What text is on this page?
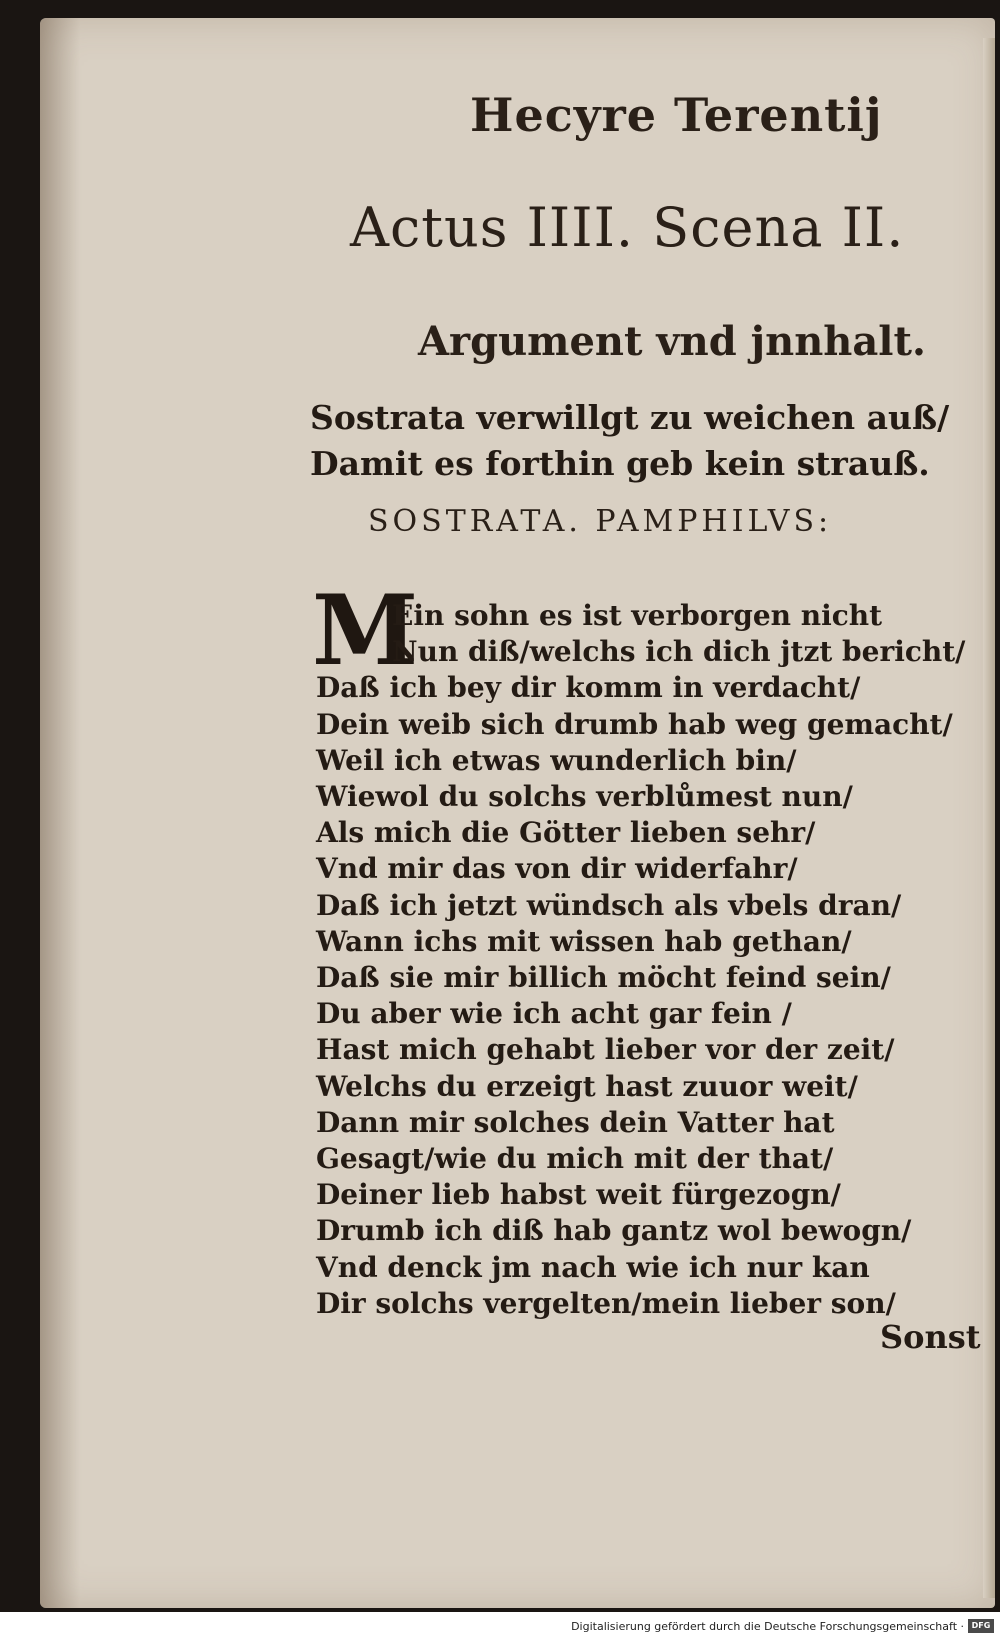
Hecyre Terentij
Actus IIII. Scena II.
Argument vnd jnnhalt.
Sostrata verwillgt zu weichen auß/
Damit es forthin geb kein strauß.
SOSTRATA. PAMPHILVS:
M
Ein sohn es ist verborgen nicht
Nun diß/welchs ich dich jtzt bericht/
Daß ich bey dir komm in verdacht/
Dein weib sich drumb hab weg gemacht/
Weil ich etwas wunderlich bin/
Wiewol du solchs verblůmest nun/
Als mich die Götter lieben sehr/
Vnd mir das von dir widerfahr/
Daß ich jetzt wündsch als vbels dran/
Wann ichs mit wissen hab gethan/
Daß sie mir billich möcht feind sein/
Du aber wie ich acht gar fein /
Hast mich gehabt lieber vor der zeit/
Welchs du erzeigt hast zuuor weit/
Dann mir solches dein Vatter hat
Gesagt/wie du mich mit der that/
Deiner lieb habst weit fürgezogn/
Drumb ich diß hab gantz wol bewogn/
Vnd denck jm nach wie ich nur kan
Dir solchs vergelten/mein lieber son/
Sonst
Digitalisierung gefördert durch die Deutsche Forschungsgemeinschaft · DFG
